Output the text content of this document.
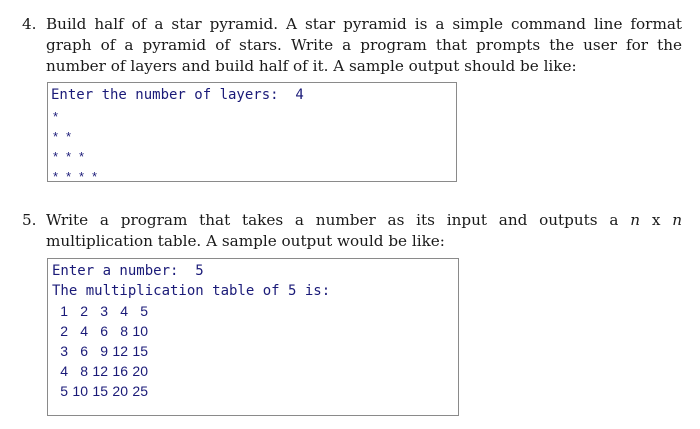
4. Build half of a star pyramid. A star pyramid is a simple command line format graph of a pyramid of stars. Write a program that prompts the user for the number of layers and build half of it. A sample output should be like:

Enter the number of layers:  4
*
* *
* * *
* * * *

5. Write a program that takes a number as its input and outputs a n x n multiplication table. A sample output would be like:

Enter a number:  5
The multiplication table of 5 is:
1 2 3 4 5
2 4 6 8 10
3 6 9 12 15
4 8 12 16 20
5 10 15 20 25
